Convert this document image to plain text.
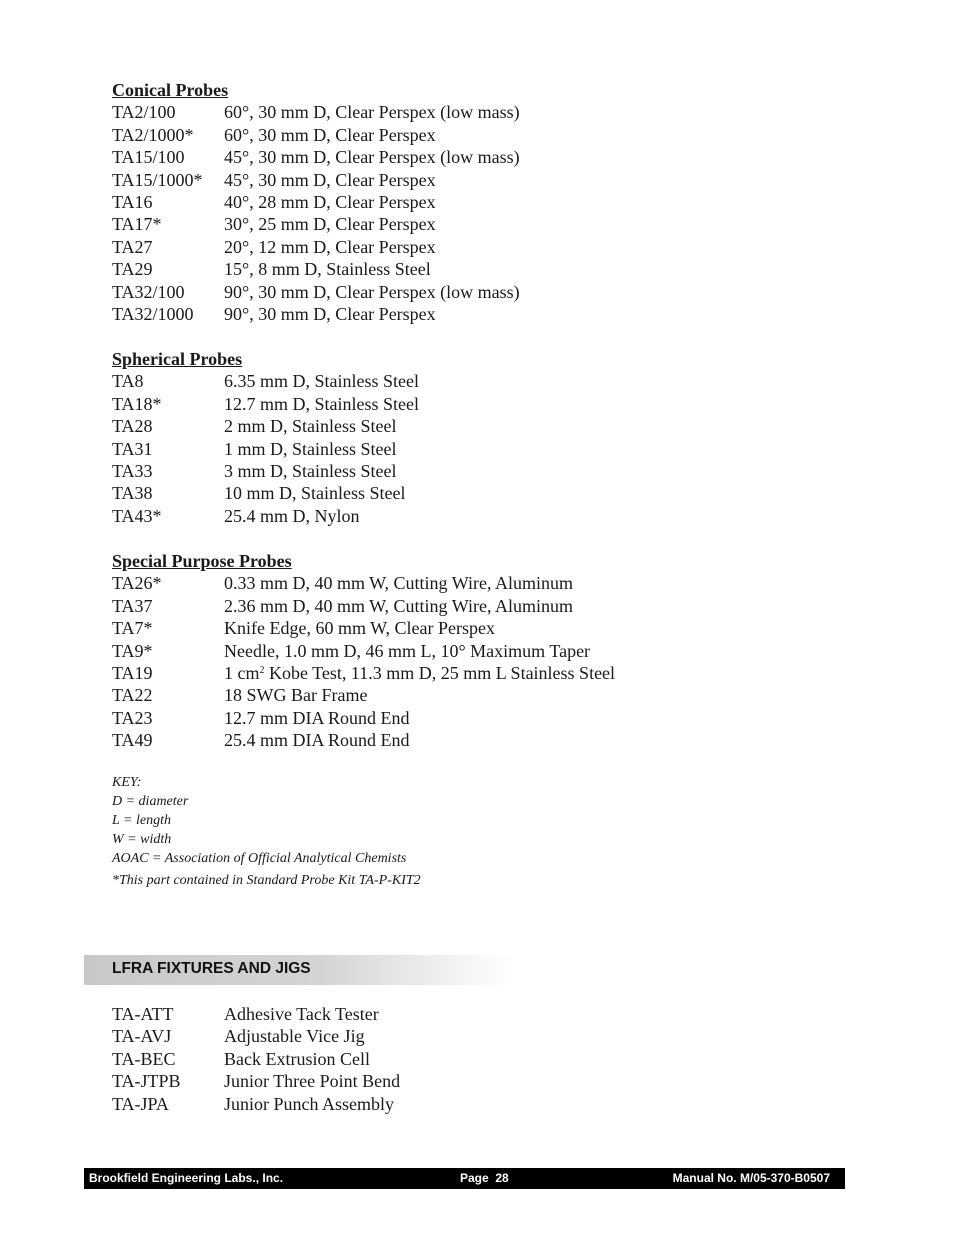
Conical Probes
TA2/100	60°, 30 mm D, Clear Perspex (low mass)
TA2/1000*	60°, 30 mm D, Clear Perspex
TA15/100	45°, 30 mm D, Clear Perspex (low mass)
TA15/1000*	45°, 30 mm D, Clear Perspex
TA16	40°, 28 mm D, Clear Perspex
TA17*	30°, 25 mm D, Clear Perspex
TA27	20°, 12 mm D, Clear Perspex
TA29	15°, 8 mm D, Stainless Steel
TA32/100	90°, 30 mm D, Clear Perspex (low mass)
TA32/1000	90°, 30 mm D, Clear Perspex
Spherical Probes
TA8	6.35 mm D, Stainless Steel
TA18*	12.7 mm D, Stainless Steel
TA28	2 mm D, Stainless Steel
TA31	1 mm D, Stainless Steel
TA33	3 mm D, Stainless Steel
TA38	10 mm D, Stainless Steel
TA43*	25.4 mm D, Nylon
Special Purpose Probes
TA26*	0.33 mm D, 40 mm W, Cutting Wire, Aluminum
TA37	2.36 mm D, 40 mm W, Cutting Wire, Aluminum
TA7*	Knife Edge, 60 mm W, Clear Perspex
TA9*	Needle, 1.0 mm D, 46 mm L, 10° Maximum Taper
TA19	1 $cm^2$ Kobe Test, 11.3 mm D, 25 mm L Stainless Steel
TA22	18 SWG Bar Frame
TA23	12.7 mm DIA Round End
TA49	25.4 mm DIA Round End
KEY:
D = diameter
L = length
W = width
AOAC = Association of Official Analytical Chemists
*This part contained in Standard Probe Kit TA-P-KIT2
LFRA FIXTURES AND JIGS
TA-ATT	Adhesive Tack Tester
TA-AVJ	Adjustable Vice Jig
TA-BEC	Back Extrusion Cell
TA-JTPB	Junior Three Point Bend
TA-JPA	Junior Punch Assembly
Brookfield Engineering Labs., Inc.	Page  28	Manual No. M/05-370-B0507
